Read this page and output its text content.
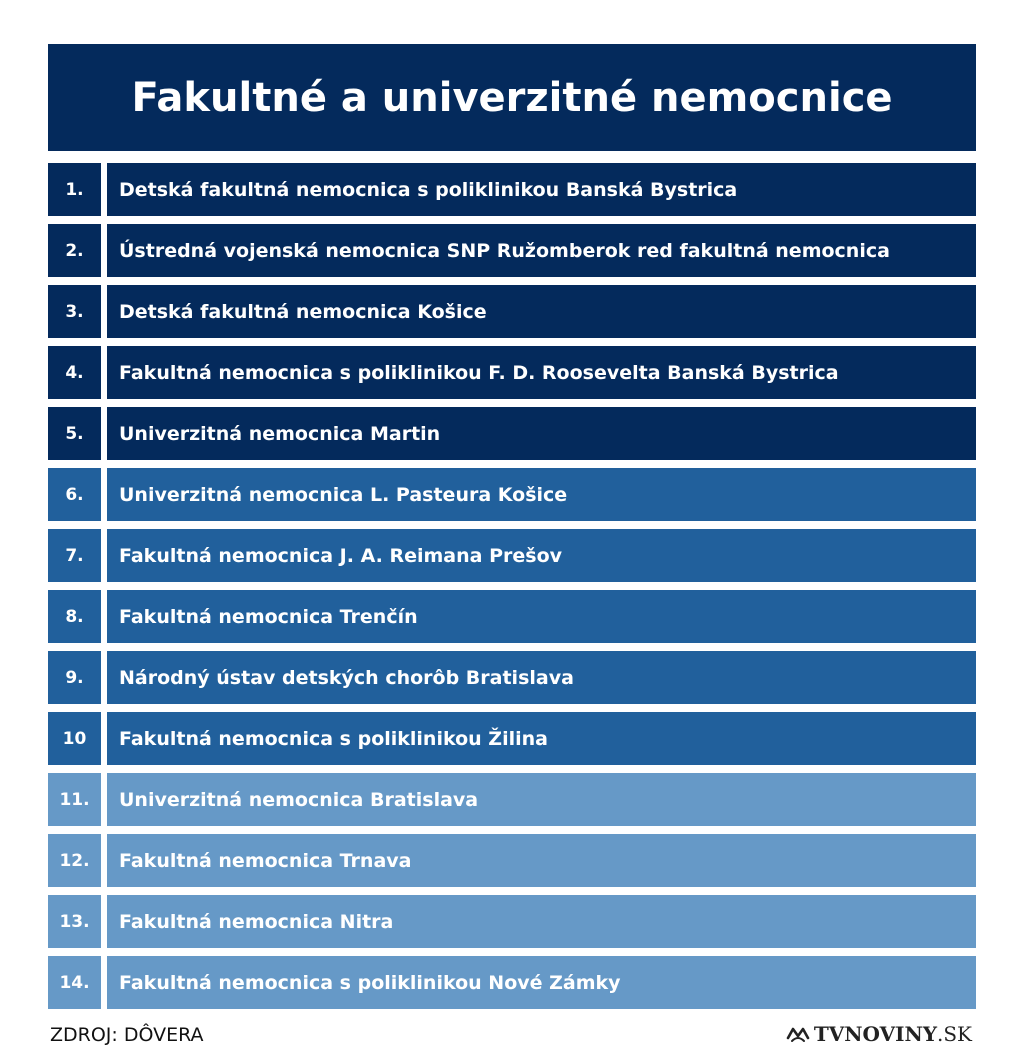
Fakultné a univerzitné nemocnice
1.	Detská fakultná nemocnica s poliklinikou Banská Bystrica
2.	Ústredná vojenská nemocnica SNP Ružomberok red fakultná nemocnica
3.	Detská fakultná nemocnica Košice
4.	Fakultná nemocnica s poliklinikou F. D. Roosevelta Banská Bystrica
5.	Univerzitná nemocnica Martin
6.	Univerzitná nemocnica L. Pasteura Košice
7.	Fakultná nemocnica J. A. Reimana Prešov
8.	Fakultná nemocnica Trenčín
9.	Národný ústav detských chorôb Bratislava
10	Fakultná nemocnica s poliklinikou Žilina
11.	Univerzitná nemocnica Bratislava
12.	Fakultná nemocnica Trnava
13.	Fakultná nemocnica Nitra
14.	Fakultná nemocnica s poliklinikou Nové Zámky
ZDROJ: DÔVERA	TVNOVINY .SK
